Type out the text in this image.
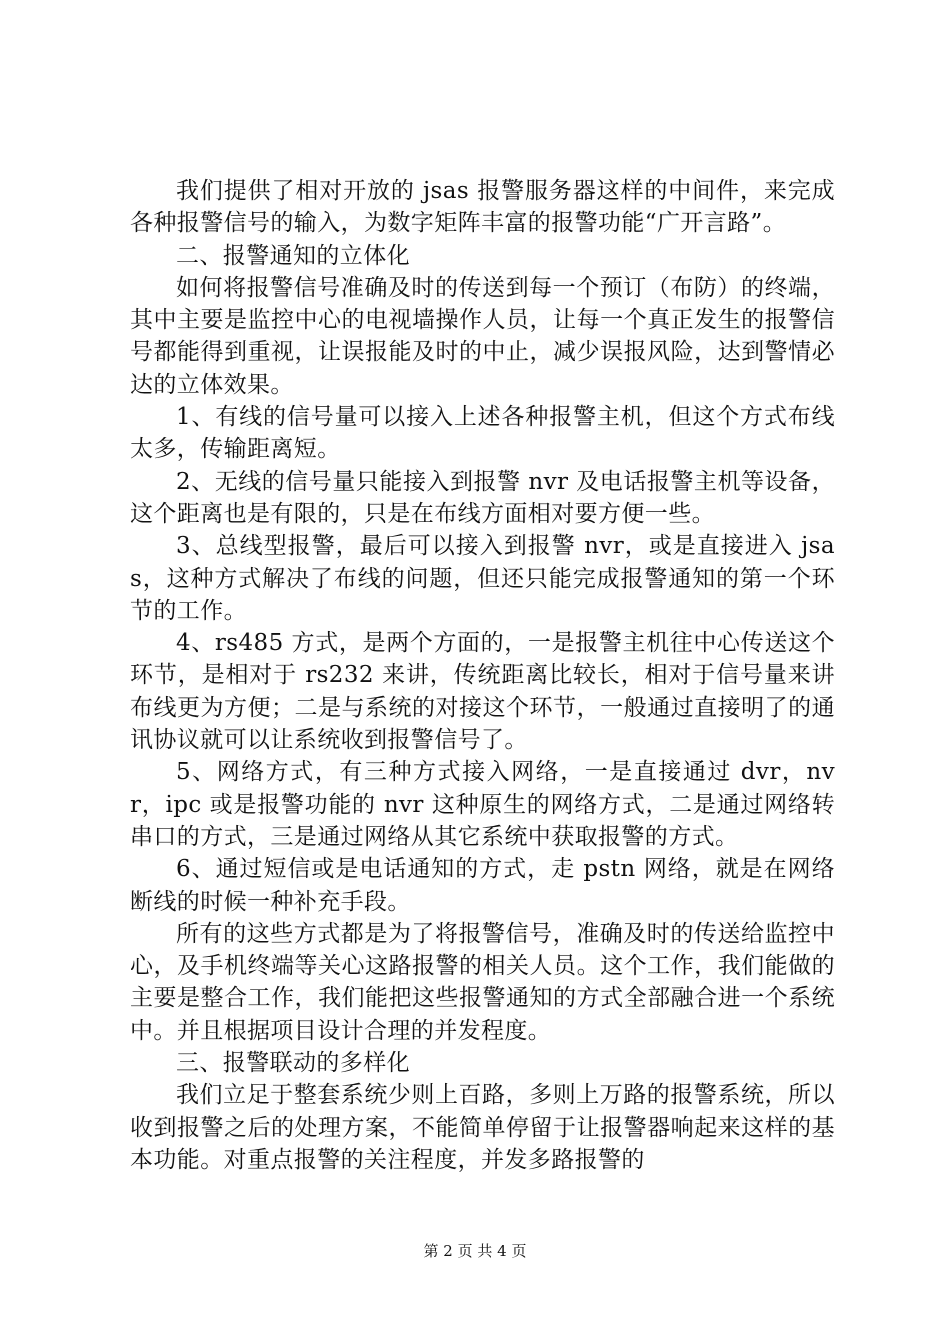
我们提供了相对开放的 jsas 报警服务器这样的中间件，来完成各种报警信号的输入，为数字矩阵丰富的报警功能“广开言路”。

二、报警通知的立体化

如何将报警信号准确及时的传送到每一个预订（布防）的终端，其中主要是监控中心的电视墙操作人员，让每一个真正发生的报警信号都能得到重视，让误报能及时的中止，减少误报风险，达到警情必达的立体效果。

1、有线的信号量可以接入上述各种报警主机，但这个方式布线太多，传输距离短。

2、无线的信号量只能接入到报警 nvr 及电话报警主机等设备，这个距离也是有限的，只是在布线方面相对要方便一些。

3、总线型报警，最后可以接入到报警 nvr，或是直接进入 jsas，这种方式解决了布线的问题，但还只能完成报警通知的第一个环节的工作。

4、rs485 方式，是两个方面的，一是报警主机往中心传送这个环节，是相对于 rs232 来讲，传统距离比较长，相对于信号量来讲布线更为方便；二是与系统的对接这个环节，一般通过直接明了的通讯协议就可以让系统收到报警信号了。

5、网络方式，有三种方式接入网络，一是直接通过 dvr，nvr，ipc 或是报警功能的 nvr 这种原生的网络方式，二是通过网络转串口的方式，三是通过网络从其它系统中获取报警的方式。

6、通过短信或是电话通知的方式，走 pstn 网络，就是在网络断线的时候一种补充手段。

所有的这些方式都是为了将报警信号，准确及时的传送给监控中心，及手机终端等关心这路报警的相关人员。这个工作，我们能做的主要是整合工作，我们能把这些报警通知的方式全部融合进一个系统中。并且根据项目设计合理的并发程度。

三、报警联动的多样化

我们立足于整套系统少则上百路，多则上万路的报警系统，所以收到报警之后的处理方案，不能简单停留于让报警器响起来这样的基本功能。对重点报警的关注程度，并发多路报警的

第 2 页 共 4 页
